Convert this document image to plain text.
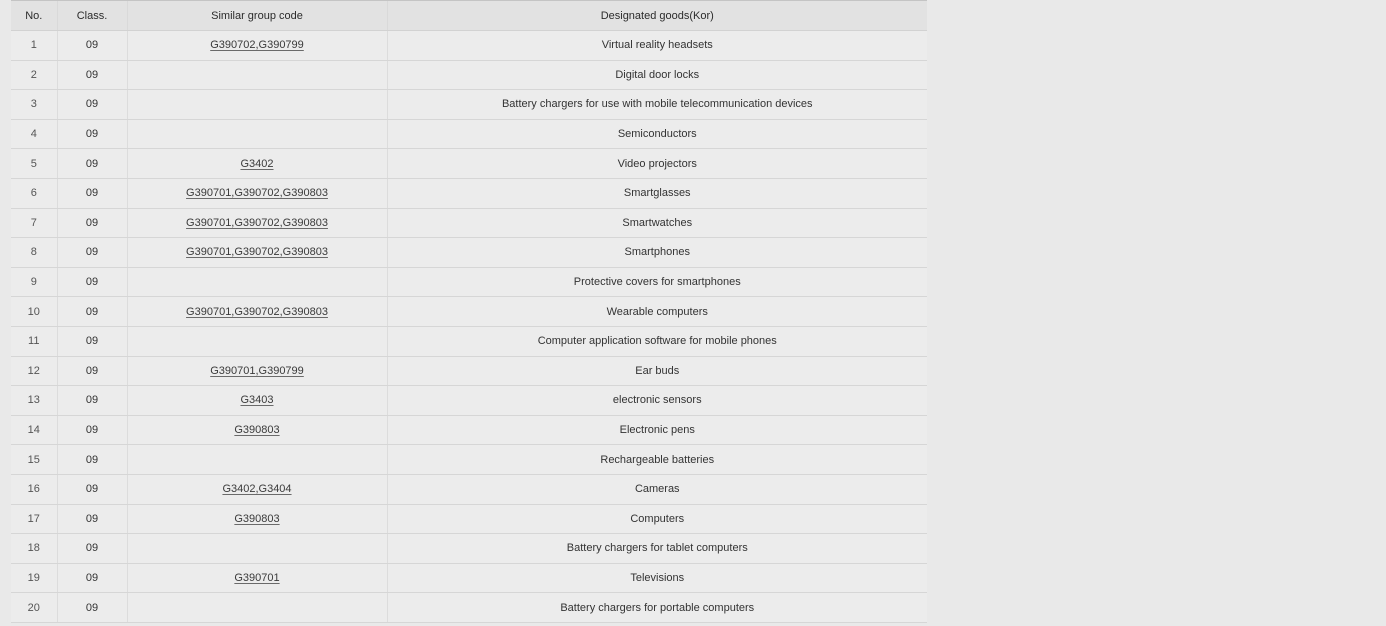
No.	Class.	Similar group code	Designated goods(Kor)
1	09	G390702,G390799	Virtual reality headsets
2	09		Digital door locks
3	09		Battery chargers for use with mobile telecommunication devices
4	09		Semiconductors
5	09	G3402	Video projectors
6	09	G390701,G390702,G390803	Smartglasses
7	09	G390701,G390702,G390803	Smartwatches
8	09	G390701,G390702,G390803	Smartphones
9	09		Protective covers for smartphones
10	09	G390701,G390702,G390803	Wearable computers
11	09		Computer application software for mobile phones
12	09	G390701,G390799	Ear buds
13	09	G3403	electronic sensors
14	09	G390803	Electronic pens
15	09		Rechargeable batteries
16	09	G3402,G3404	Cameras
17	09	G390803	Computers
18	09		Battery chargers for tablet computers
19	09	G390701	Televisions
20	09		Battery chargers for portable computers
